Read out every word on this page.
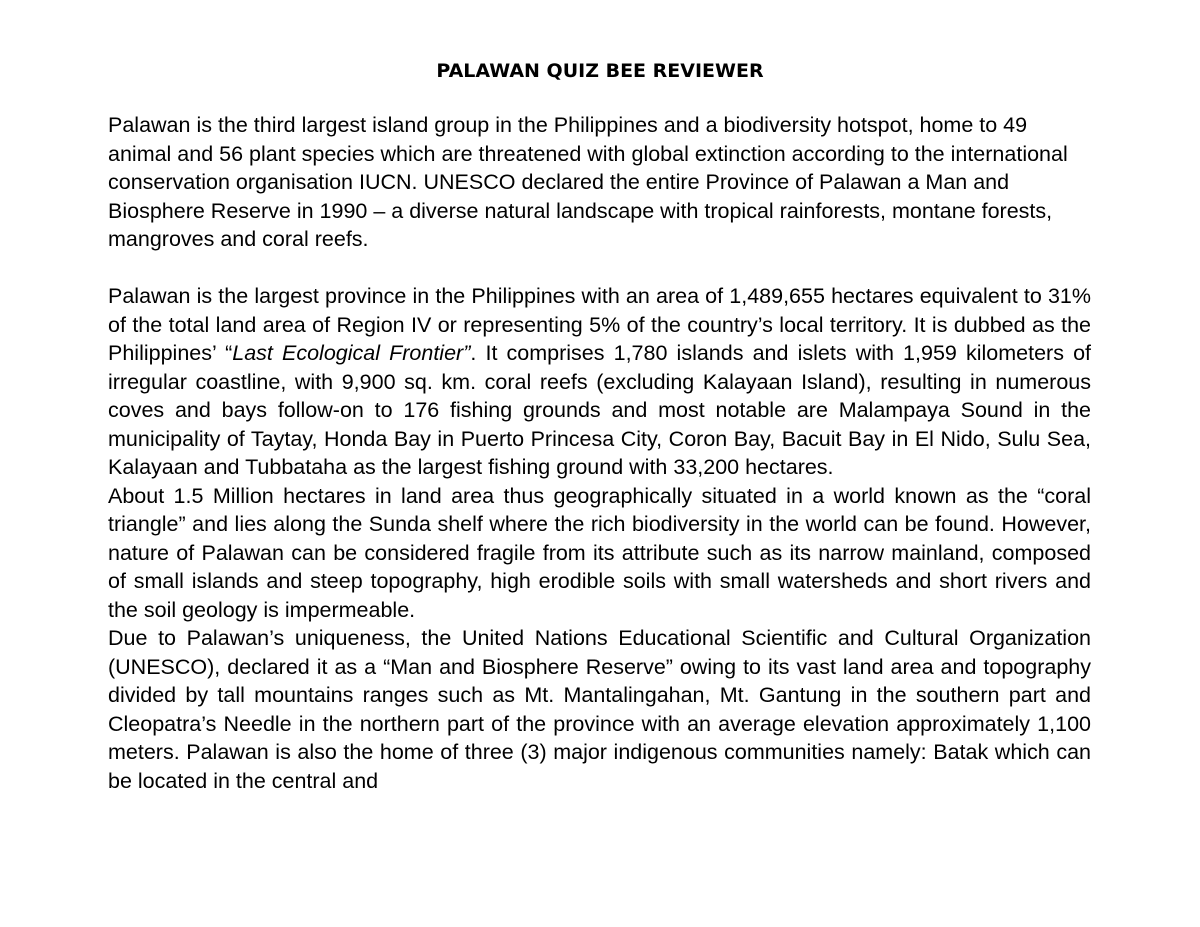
PALAWAN QUIZ BEE REVIEWER

Palawan is the third largest island group in the Philippines and a biodiversity hotspot, home to 49 animal and 56 plant species which are threatened with global extinction according to the international conservation organisation IUCN. UNESCO declared the entire Province of Palawan a Man and Biosphere Reserve in 1990 – a diverse natural landscape with tropical rainforests, montane forests, mangroves and coral reefs.

Palawan is the largest province in the Philippines with an area of 1,489,655 hectares equivalent to 31% of the total land area of Region IV or representing 5% of the country’s local territory. It is dubbed as the Philippines’ “Last Ecological Frontier”. It comprises 1,780 islands and islets with 1,959 kilometers of irregular coastline, with 9,900 sq. km. coral reefs (excluding Kalayaan Island), resulting in numerous coves and bays follow-on to 176 fishing grounds and most notable are Malampaya Sound in the municipality of Taytay, Honda Bay in Puerto Princesa City, Coron Bay, Bacuit Bay in El Nido, Sulu Sea, Kalayaan and Tubbataha as the largest fishing ground with 33,200 hectares.

About 1.5 Million hectares in land area thus geographically situated in a world known as the “coral triangle” and lies along the Sunda shelf where the rich biodiversity in the world can be found. However, nature of Palawan can be considered fragile from its attribute such as its narrow mainland, composed of small islands and steep topography, high erodible soils with small watersheds and short rivers and the soil geology is impermeable.

Due to Palawan’s uniqueness, the United Nations Educational Scientific and Cultural Organization (UNESCO), declared it as a “Man and Biosphere Reserve” owing to its vast land area and topography divided by tall mountains ranges such as Mt. Mantalingahan, Mt. Gantung in the southern part and Cleopatra’s Needle in the northern part of the province with an average elevation approximately 1,100 meters. Palawan is also the home of three (3) major indigenous communities namely: Batak which can be located in the central and
